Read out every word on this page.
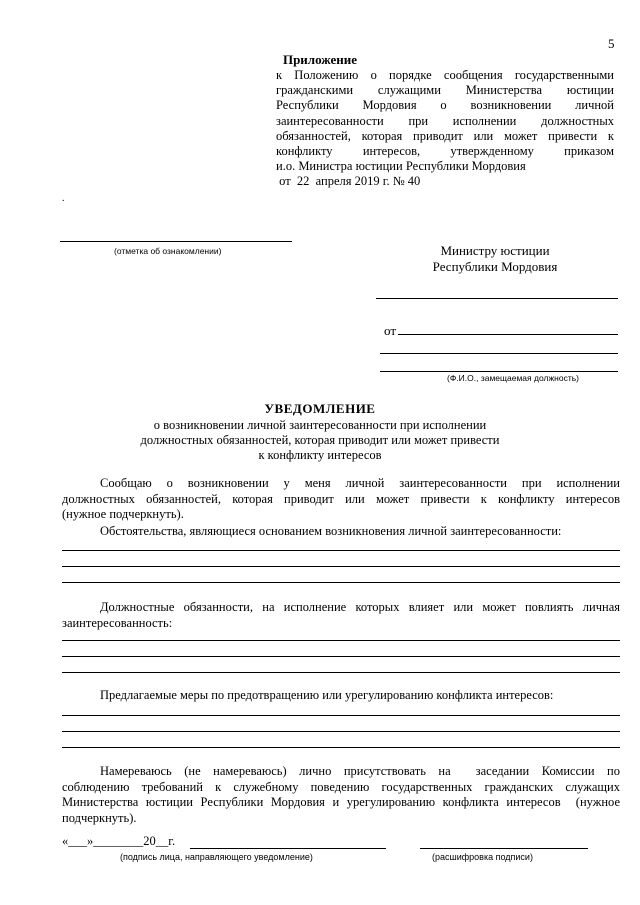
5
Приложение
к Положению о порядке сообщения государственными
гражданскими служащими Министерства юстиции
Республики Мордовия о возникновении личной
заинтересованности при исполнении должностных
обязанностей, которая приводит или может привести к
конфликту интересов, утвержденному приказом
и.о. Министра юстиции Республики Мордовия
от  22  апреля 2019 г. № 40
.
(отметка об ознакомлении)	Министру юстиции
Республики Мордовия
от
(Ф.И.О., замещаемая должность)
УВЕДОМЛЕНИЕ
о возникновении личной заинтересованности при исполнении
должностных обязанностей, которая приводит или может привести
к конфликту интересов
Сообщаю о возникновении у меня личной заинтересованности при исполнении
должностных обязанностей, которая приводит или может привести к конфликту интересов
(нужное подчеркнуть).
Обстоятельства, являющиеся основанием возникновения личной заинтересованности:
Должностные обязанности, на исполнение которых влияет или может повлиять личная
заинтересованность:
Предлагаемые меры по предотвращению или урегулированию конфликта интересов:
Намереваюсь (не намереваюсь) лично присутствовать на  заседании Комиссии по
соблюдению требований к служебному поведению государственных гражданских служащих
Министерства юстиции Республики Мордовия и урегулированию конфликта интересов  (нужное
подчеркнуть).
«___»________20__г.
(подпись лица, направляющего уведомление)	(расшифровка подписи)
